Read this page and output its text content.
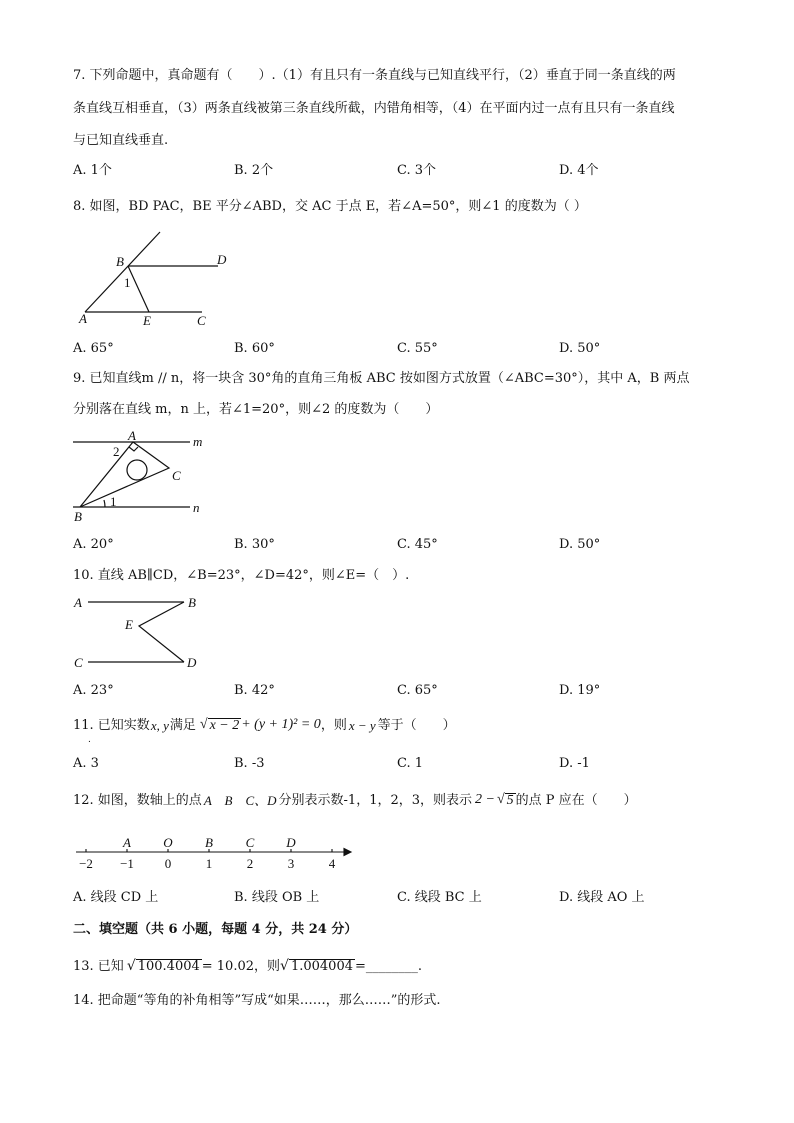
7. 下列命题中，真命题有（　　）.（1）有且只有一条直线与已知直线平行，（2）垂直于同一条直线的两
条直线互相垂直，（3）两条直线被第三条直线所截，内错角相等，（4）在平面内过一点有且只有一条直线
与已知直线垂直.
A. 1个	B. 2个	C. 3个	D. 4个
8. 如图，BD PAC，BE 平分∠ABD，交 AC 于点 E，若∠A=50°，则∠1 的度数为（ ）
B	D
1
A	E	C
A. 65°	B. 60°	C. 55°	D. 50°
9. 已知直线m // n，将一块含 30°角的直角三角板 ABC 按如图方式放置（∠ABC=30°），其中 A，B 两点
分别落在直线 m，n 上，若∠1=20°，则∠2 的度数为（　　）
A	m
2
C
1
B
n
A. 20°	B. 30°	C. 45°	D. 50°
10. 直线 AB∥CD，∠B=23°，∠D=42°，则∠E=（　）.
A	B
E
C	D
A. 23°	B. 42°	C. 65°	D. 19°
11. 已知实数 x, y 满足 √ x − 2 + (y + 1)² = 0 ，则 x − y 等于（　　）
.
A. 3	B. -3	C. 1	D. -1
12. 如图，数轴上的点 A　B　C、D 分别表示数-1，1，2，3，则表示 2 − √ 5 的点 P 应在（　　）
−2 −1 0	1	2	3	4
A O B	C D
A. 线段 CD 上	B. 线段 OB 上	C. 线段 BC 上	D. 线段 AO 上
二、填空题（共 6 小题，每题 4 分，共 24 分）
13. 已知 √ 100.4004 = 10.02 ，则 √ 1.004004 =________.
14. 把命题“等角的补角相等”写成“如果……，那么……”的形式.
